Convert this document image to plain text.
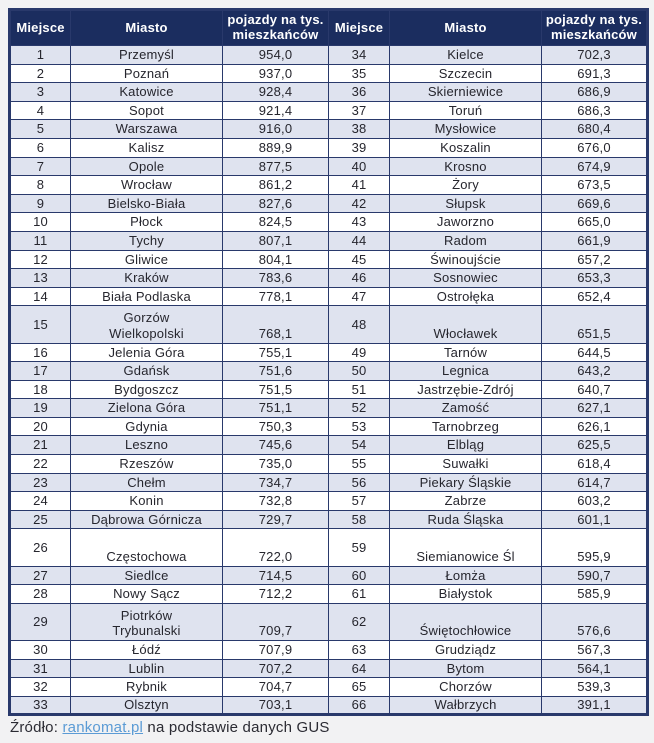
Miejsce	Miasto	pojazdy na tys. mieszkańców	Miejsce	Miasto	pojazdy na tys. mieszkańców
1	Przemyśl	954,0	34	Kielce	702,3
2	Poznań	937,0	35	Szczecin	691,3
3	Katowice	928,4	36	Skierniewice	686,9
4	Sopot	921,4	37	Toruń	686,3
5	Warszawa	916,0	38	Mysłowice	680,4
6	Kalisz	889,9	39	Koszalin	676,0
7	Opole	877,5	40	Krosno	674,9
8	Wrocław	861,2	41	Żory	673,5
9	Bielsko-Biała	827,6	42	Słupsk	669,6
10	Płock	824,5	43	Jaworzno	665,0
11	Tychy	807,1	44	Radom	661,9
12	Gliwice	804,1	45	Świnoujście	657,2
13	Kraków	783,6	46	Sosnowiec	653,3
14	Biała Podlaska	778,1	47	Ostrołęka	652,4
15	Gorzów Wielkopolski	768,1	48	Włocławek	651,5
16	Jelenia Góra	755,1	49	Tarnów	644,5
17	Gdańsk	751,6	50	Legnica	643,2
18	Bydgoszcz	751,5	51	Jastrzębie-Zdrój	640,7
19	Zielona Góra	751,1	52	Zamość	627,1
20	Gdynia	750,3	53	Tarnobrzeg	626,1
21	Leszno	745,6	54	Elbląg	625,5
22	Rzeszów	735,0	55	Suwałki	618,4
23	Chełm	734,7	56	Piekary Śląskie	614,7
24	Konin	732,8	57	Zabrze	603,2
25	Dąbrowa Górnicza	729,7	58	Ruda Śląska	601,1
26	Częstochowa	722,0	59	Siemianowice Śl	595,9
27	Siedlce	714,5	60	Łomża	590,7
28	Nowy Sącz	712,2	61	Białystok	585,9
29	Piotrków Trybunalski	709,7	62	Świętochłowice	576,6
30	Łódź	707,9	63	Grudziądz	567,3
31	Lublin	707,2	64	Bytom	564,1
32	Rybnik	704,7	65	Chorzów	539,3
33	Olsztyn	703,1	66	Wałbrzych	391,1
Źródło: rankomat.pl na podstawie danych GUS
